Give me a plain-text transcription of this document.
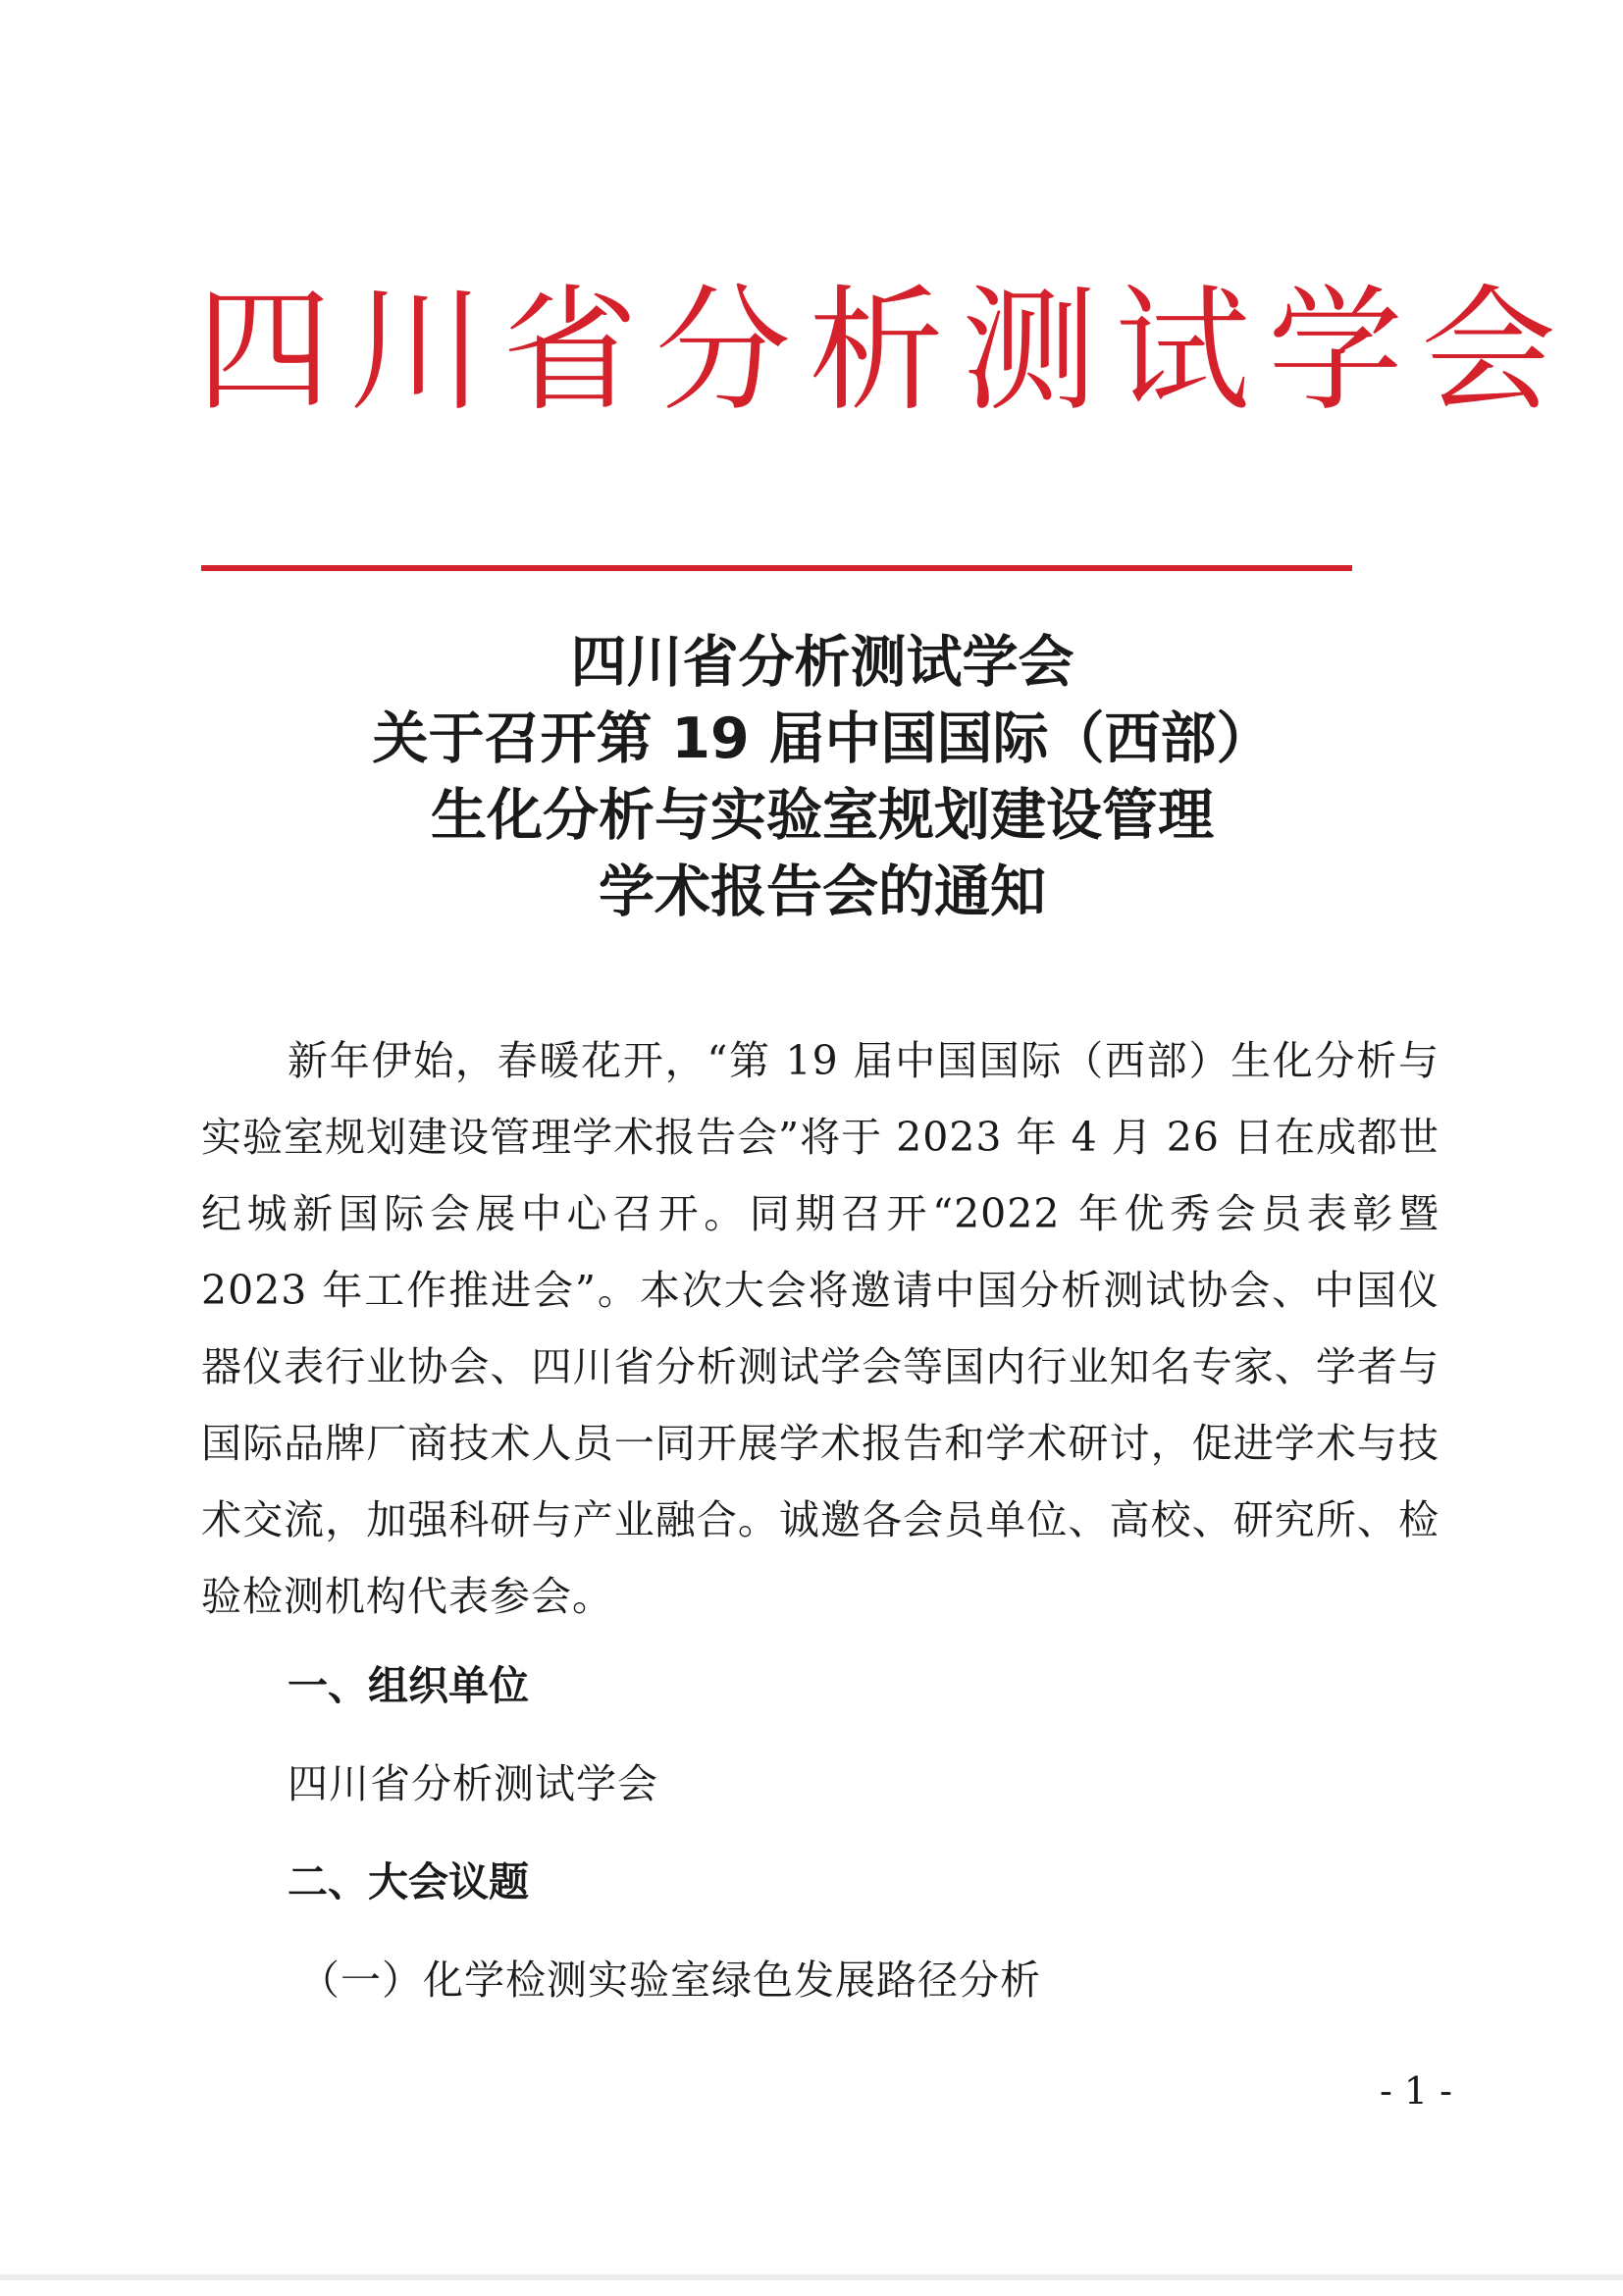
四川省分析测试学会
四川省分析测试学会
关于召开第 19 届中国国际（西部）
生化分析与实验室规划建设管理
学术报告会的通知
新年伊始，春暖花开，“第 19 届中国国际（西部）生化分析与实验室规划建设管理学术报告会”将于 2023 年 4 月 26 日在成都世纪城新国际会展中心召开。同期召开“2022 年优秀会员表彰暨 2023 年工作推进会”。本次大会将邀请中国分析测试协会、中国仪器仪表行业协会、四川省分析测试学会等国内行业知名专家、学者与国际品牌厂商技术人员一同开展学术报告和学术研讨，促进学术与技术交流，加强科研与产业融合。诚邀各会员单位、高校、研究所、检验检测机构代表参会。
一、组织单位
四川省分析测试学会
二、大会议题
（一）化学检测实验室绿色发展路径分析
- 1 -
